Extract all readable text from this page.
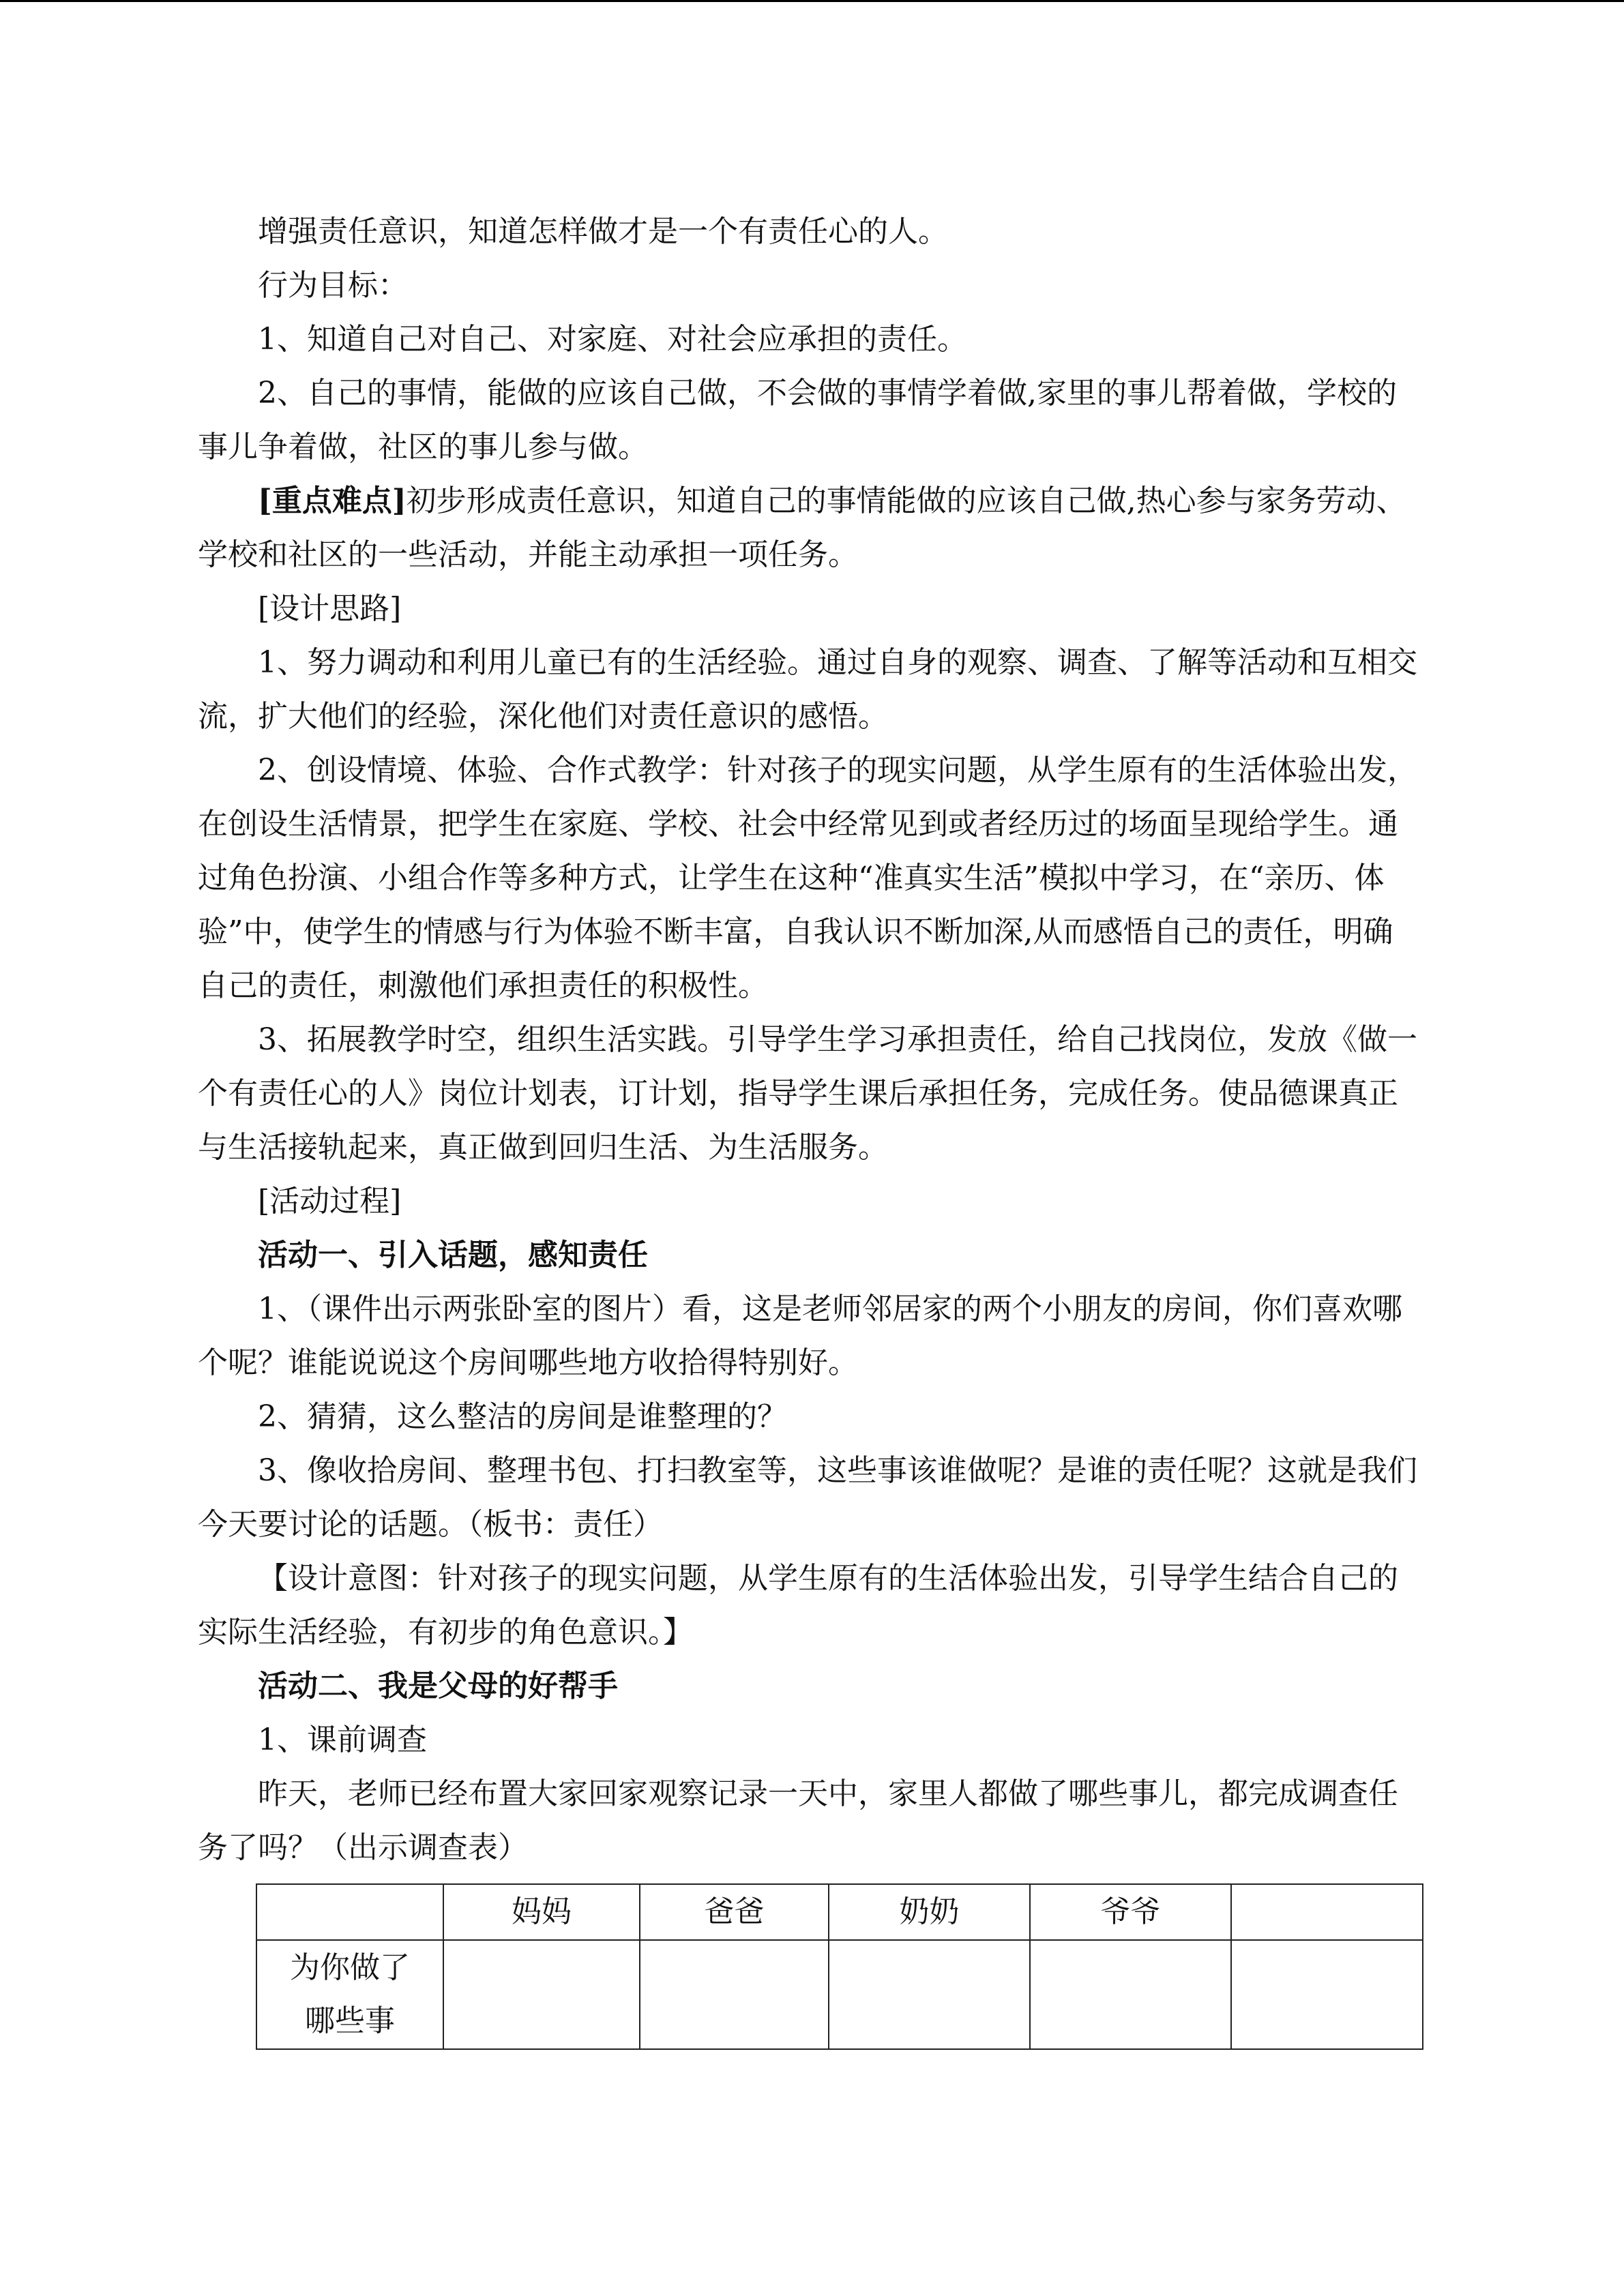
增强责任意识，知道怎样做才是一个有责任心的人。

行为目标：

1、知道自己对自己、对家庭、对社会应承担的责任。

2、自己的事情，能做的应该自己做，不会做的事情学着做,家里的事儿帮着做，学校的事儿争着做，社区的事儿参与做。

[重点难点]初步形成责任意识，知道自己的事情能做的应该自己做,热心参与家务劳动、学校和社区的一些活动，并能主动承担一项任务。

[设计思路]

1、努力调动和利用儿童已有的生活经验。通过自身的观察、调查、了解等活动和互相交流，扩大他们的经验，深化他们对责任意识的感悟。

2、创设情境、体验、合作式教学：针对孩子的现实问题，从学生原有的生活体验出发，在创设生活情景，把学生在家庭、学校、社会中经常见到或者经历过的场面呈现给学生。通过角色扮演、小组合作等多种方式，让学生在这种“准真实生活”模拟中学习，在“亲历、体验”中，使学生的情感与行为体验不断丰富，自我认识不断加深,从而感悟自己的责任，明确自己的责任，刺激他们承担责任的积极性。

3、拓展教学时空，组织生活实践。引导学生学习承担责任，给自己找岗位，发放《做一个有责任心的人》岗位计划表，订计划，指导学生课后承担任务，完成任务。使品德课真正与生活接轨起来，真正做到回归生活、为生活服务。

[活动过程]

活动一、引入话题，感知责任

1、（课件出示两张卧室的图片）看，这是老师邻居家的两个小朋友的房间，你们喜欢哪个呢？谁能说说这个房间哪些地方收拾得特别好。

2、猜猜，这么整洁的房间是谁整理的？

3、像收拾房间、整理书包、打扫教室等，这些事该谁做呢？是谁的责任呢？这就是我们今天要讨论的话题。（板书：责任）

【设计意图：针对孩子的现实问题，从学生原有的生活体验出发，引导学生结合自己的实际生活经验，有初步的角色意识。】

活动二、我是父母的好帮手

1、课前调查

昨天，老师已经布置大家回家观察记录一天中，家里人都做了哪些事儿，都完成调查任务了吗？（出示调查表）

	妈妈	爸爸	奶奶	爷爷	

为你做了
哪些事					
